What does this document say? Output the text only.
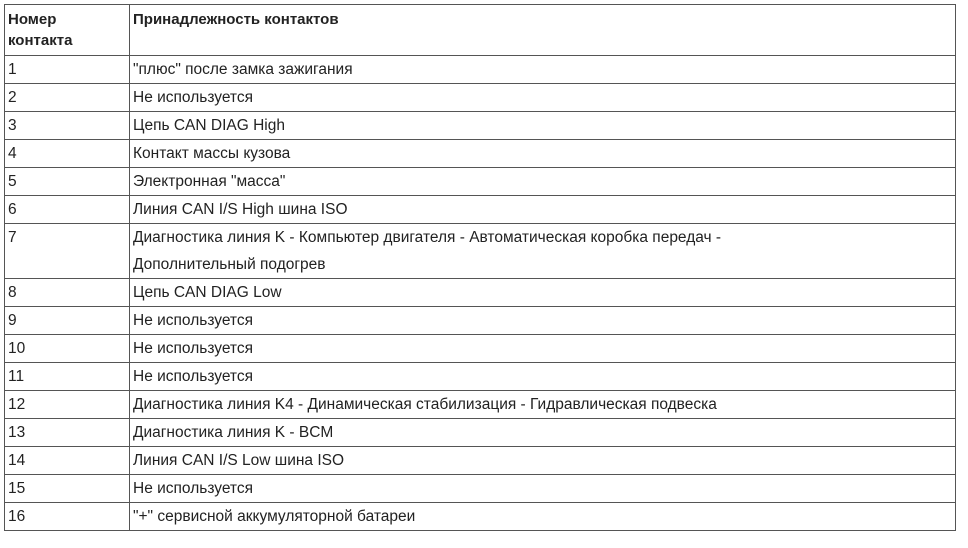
Номер
контакта	Принадлежность контактов
1	"плюс" после замка зажигания
2	Не используется
3	Цепь CAN DIAG High
4	Контакт массы кузова
5	Электронная "масса"
6	Линия CAN I/S High шина ISO
7	Диагностика линия K - Компьютер двигателя - Автоматическая коробка передач -
Дополнительный подогрев
8	Цепь CAN DIAG Low
9	Не используется
10	Не используется
11	Не используется
12	Диагностика линия K4 - Динамическая стабилизация - Гидравлическая подвеска
13	Диагностика линия K - BCM
14	Линия CAN I/S Low шина ISO
15	Не используется
16	"+" сервисной аккумуляторной батареи
